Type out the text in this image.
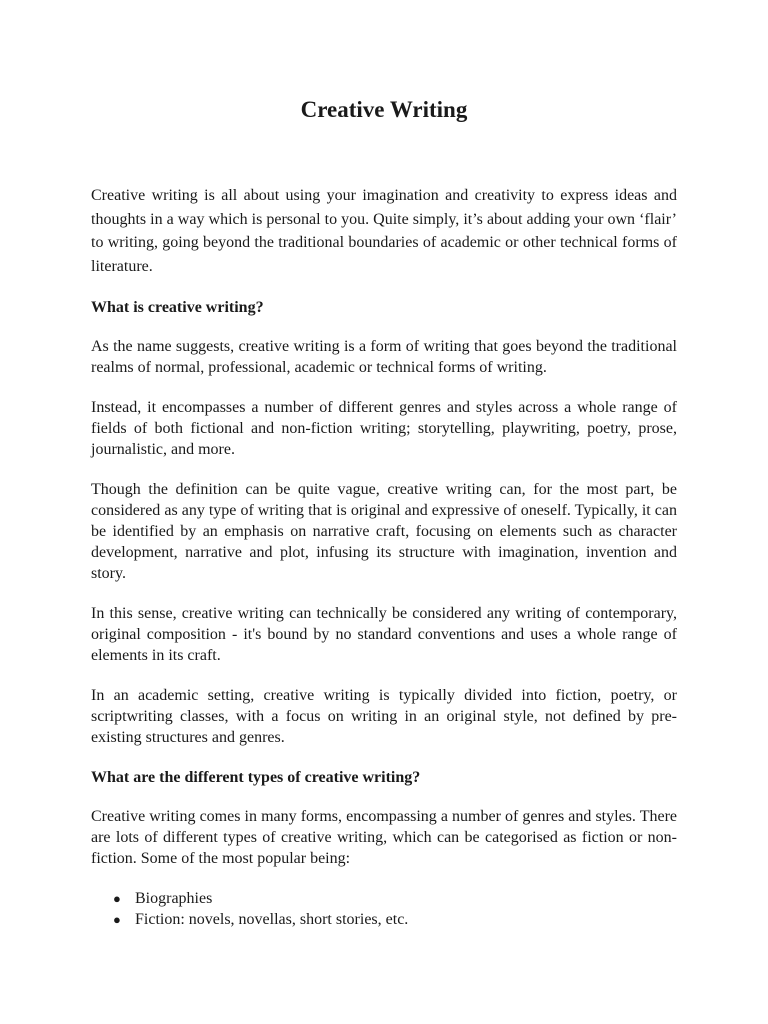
Creative Writing

Creative writing is all about using your imagination and creativity to express ideas and thoughts in a way which is personal to you. Quite simply, it’s about adding your own ‘flair’ to writing, going beyond the traditional boundaries of academic or other technical forms of literature.

What is creative writing?

As the name suggests, creative writing is a form of writing that goes beyond the traditional realms of normal, professional, academic or technical forms of writing.

Instead, it encompasses a number of different genres and styles across a whole range of fields of both fictional and non-fiction writing; storytelling, playwriting, poetry, prose, journalistic, and more.

Though the definition can be quite vague, creative writing can, for the most part, be considered as any type of writing that is original and expressive of oneself. Typically, it can be identified by an emphasis on narrative craft, focusing on elements such as character development, narrative and plot, infusing its structure with imagination, invention and story.

In this sense, creative writing can technically be considered any writing of contemporary, original composition - it's bound by no standard conventions and uses a whole range of elements in its craft.

In an academic setting, creative writing is typically divided into fiction, poetry, or scriptwriting classes, with a focus on writing in an original style, not defined by pre-existing structures and genres.

What are the different types of creative writing?

Creative writing comes in many forms, encompassing a number of genres and styles. There are lots of different types of creative writing, which can be categorised as fiction or non-fiction. Some of the most popular being:

● Biographies
● Fiction: novels, novellas, short stories, etc.
